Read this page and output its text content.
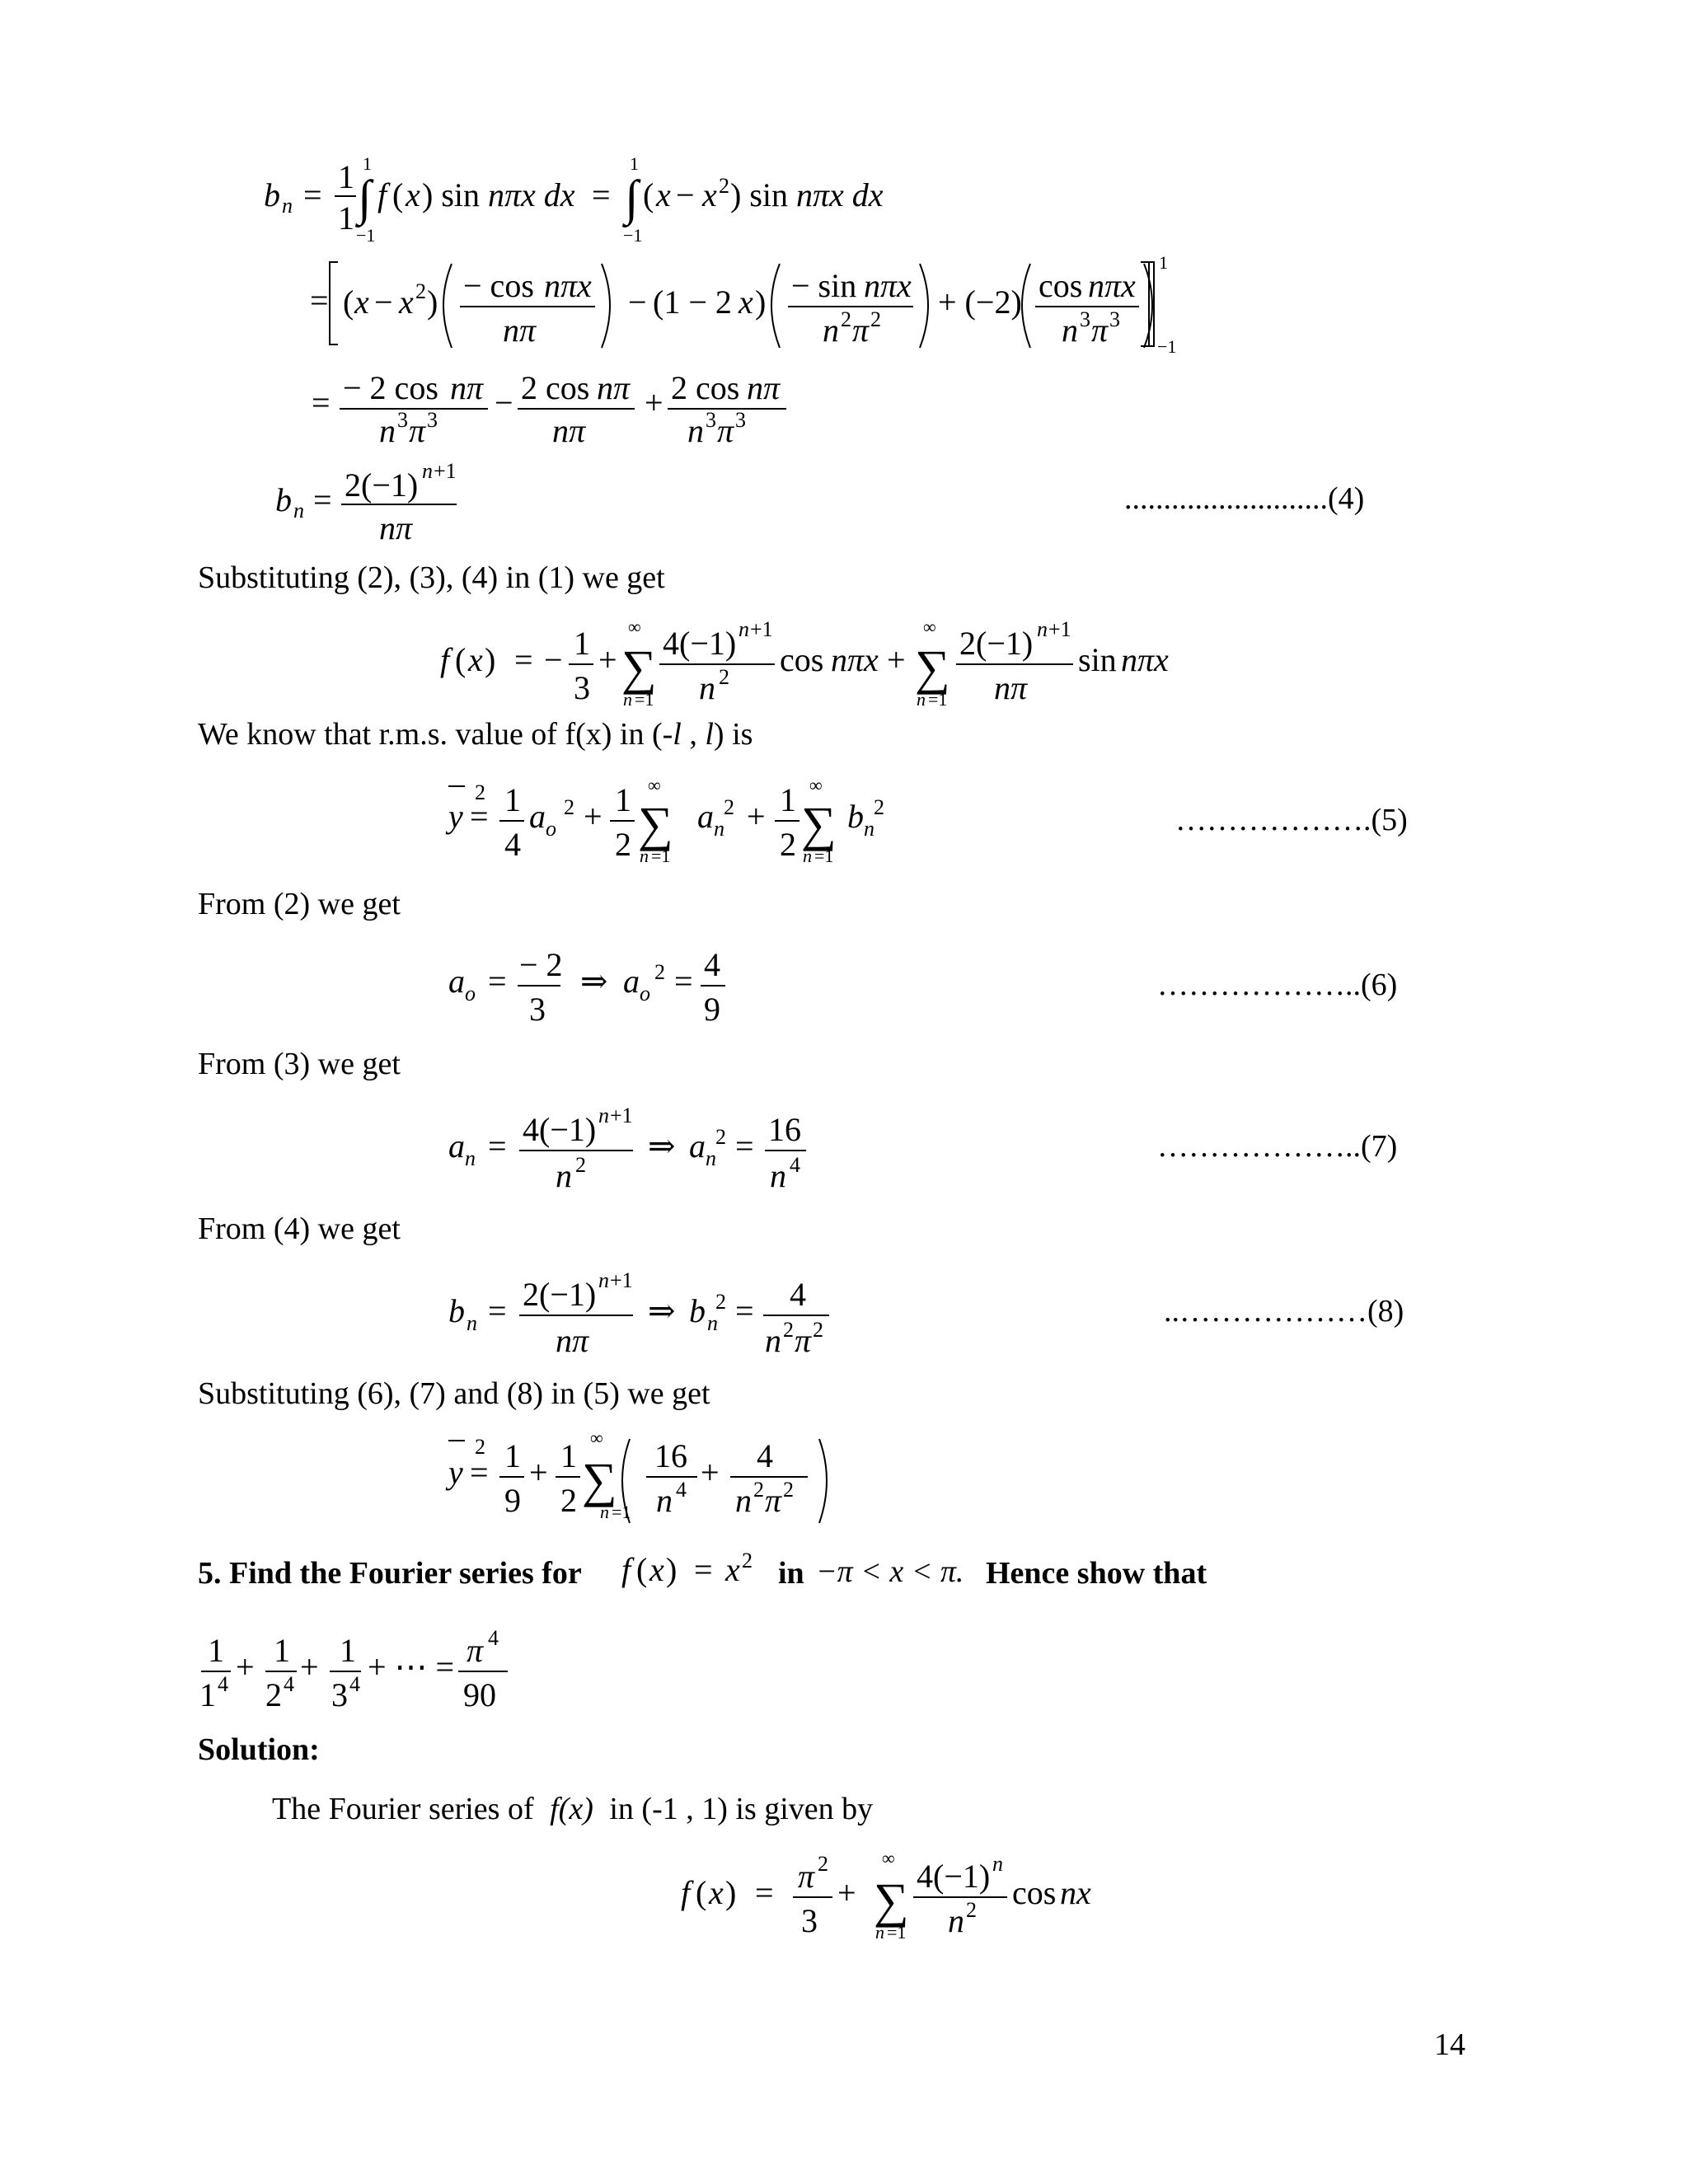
b n = 1
1
1
∫
−1
f ( x ) sin nπx dx =
1
∫
−1
( x − x 2 ) sin nπx dx
= ( x − x 2 ) − cos nπx
nπ
− (1 − 2 x ) − sin nπx
n 2 π 2 + (−2) cos nπx
n 3 π 3
1
−1
= − 2 cos nπ
n 3 π 3 − 2 cos nπ
nπ
+ 2 cos nπ
n 3 π 3
b n = 2(−1) n +1
nπ
..........................(4)
Substituting (2), (3), (4) in (1) we get
f ( x ) = − 1
3
+
∞
∑
n =1
4(−1) n +1
n 2 cos nπx +
∞
∑
n =1
2(−1) n +1
nπ
sin nπx
We know that r.m.s. value of f(x) in (-l , l) is
2
y = 1
4
a o
2 + 1
2
∞
∑
n =1
a n
2 + 1
2
∞
∑
n =1
b n
2	……………….(5)
From (2) we get
a o = − 2
3
⇒ a o
2 = 4
9
………………..(6)
From (3) we get
a n = 4(−1) n +1
n 2
⇒ a n
2 = 16
n 4
………………..(7)
From (4) we get
b n = 2(−1) n +1
nπ
⇒ b n
2 = 4
n 2 π 2
..………………(8)
Substituting (6), (7) and (8) in (5) we get
2
y = 1
9
+ 1
2
∞
∑
n =1
16
n 4 + 4
n 2 π 2
5. Find the Fourier series for f ( x ) = x 2 in −π < x < π. Hence show that
1
1 4 + 1
2 4 + 1
3 4 + ⋯ = π 4
90
Solution:
The Fourier series of f(x) in (-1 , 1) is given by
f ( x ) = π 2
3
+
∞
∑
n =1
4(−1) n
n 2 cos nx
14
